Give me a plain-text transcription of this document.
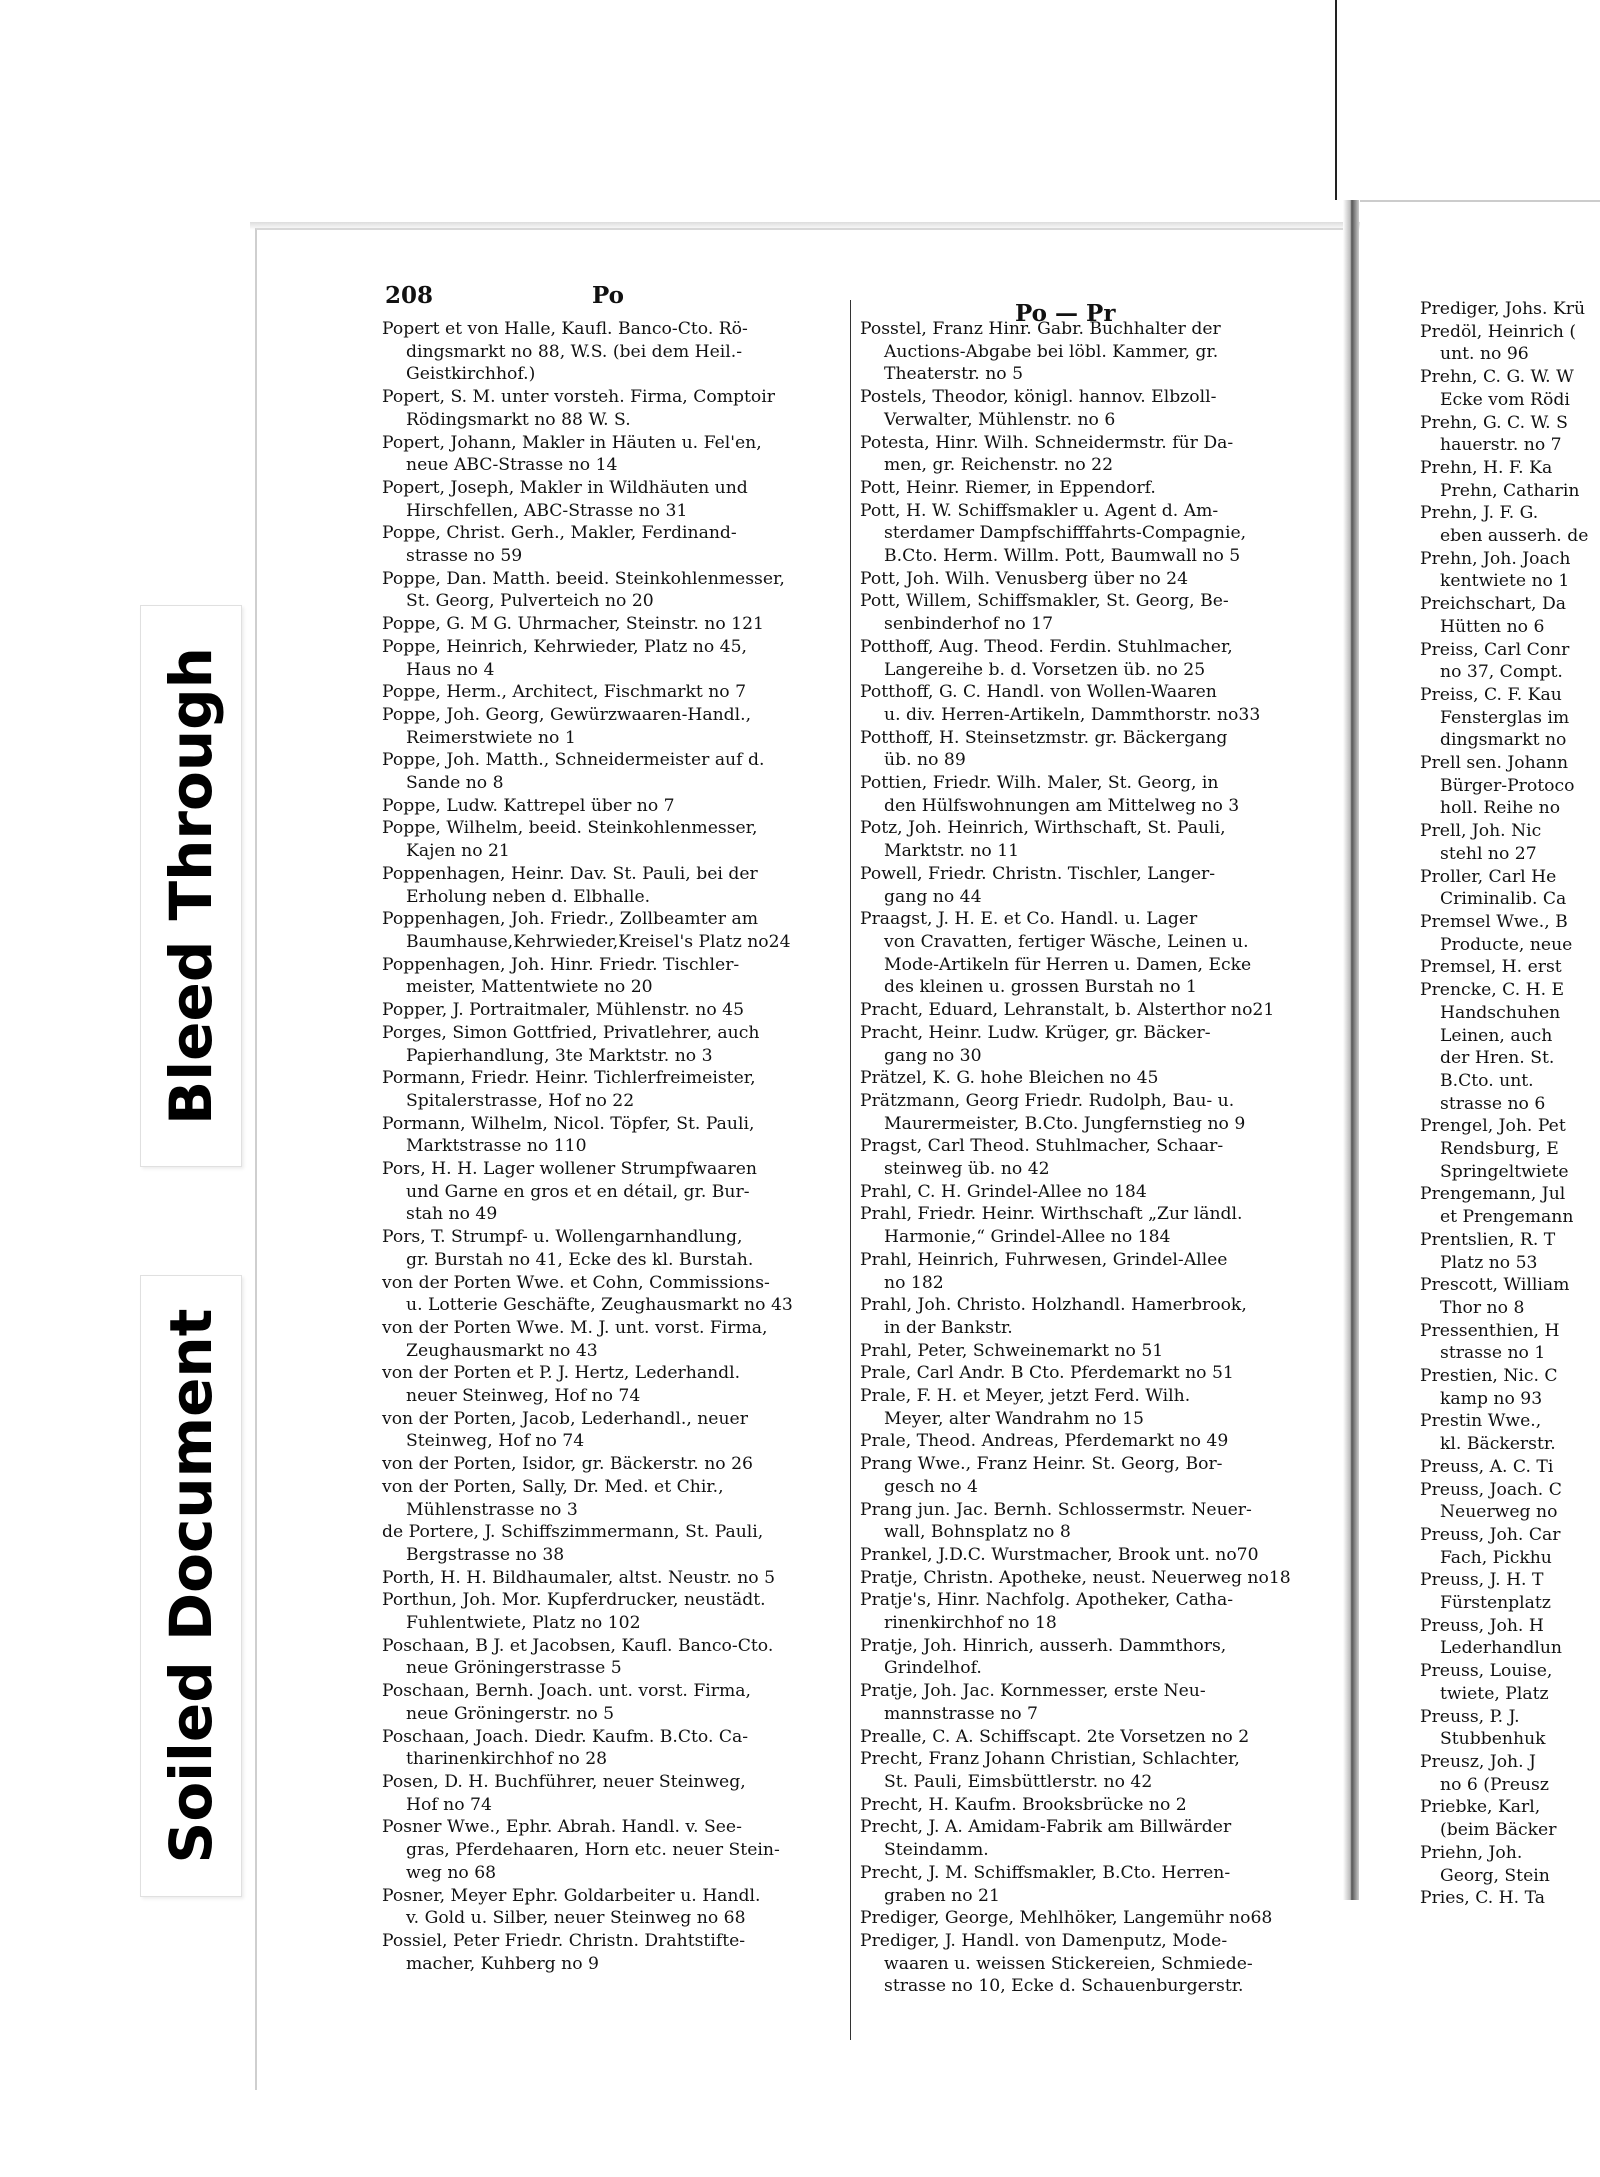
Bleed Through
Soiled Document
208	Po
Po — Pr
Popert et von Halle, Kaufl. Banco-Cto. Rö-
dingsmarkt no 88, W.S. (bei dem Heil.-
Geistkirchhof.)
Popert, S. M. unter vorsteh. Firma, Comptoir
Rödingsmarkt no 88 W. S.
Popert, Johann, Makler in Häuten u. Fel'en,
neue ABC-Strasse no 14
Popert, Joseph, Makler in Wildhäuten und
Hirschfellen, ABC-Strasse no 31
Poppe, Christ. Gerh., Makler, Ferdinand-
strasse no 59
Poppe, Dan. Matth. beeid. Steinkohlenmesser,
St. Georg, Pulverteich no 20
Poppe, G. M G. Uhrmacher, Steinstr. no 121
Poppe, Heinrich, Kehrwieder, Platz no 45,
Haus no 4
Poppe, Herm., Architect, Fischmarkt no 7
Poppe, Joh. Georg, Gewürzwaaren-Handl.,
Reimerstwiete no 1
Poppe, Joh. Matth., Schneidermeister auf d.
Sande no 8
Poppe, Ludw. Kattrepel über no 7
Poppe, Wilhelm, beeid. Steinkohlenmesser,
Kajen no 21
Poppenhagen, Heinr. Dav. St. Pauli, bei der
Erholung neben d. Elbhalle.
Poppenhagen, Joh. Friedr., Zollbeamter am
Baumhause,Kehrwieder,Kreisel's Platz no24
Poppenhagen, Joh. Hinr. Friedr. Tischler-
meister, Mattentwiete no 20
Popper, J. Portraitmaler, Mühlenstr. no 45
Porges, Simon Gottfried, Privatlehrer, auch
Papierhandlung, 3te Marktstr. no 3
Pormann, Friedr. Heinr. Tichlerfreimeister,
Spitalerstrasse, Hof no 22
Pormann, Wilhelm, Nicol. Töpfer, St. Pauli,
Marktstrasse no 110
Pors, H. H. Lager wollener Strumpfwaaren
und Garne en gros et en détail, gr. Bur-
stah no 49
Pors, T. Strumpf- u. Wollengarnhandlung,
gr. Burstah no 41, Ecke des kl. Burstah.
von der Porten Wwe. et Cohn, Commissions-
u. Lotterie Geschäfte, Zeughausmarkt no 43
von der Porten Wwe. M. J. unt. vorst. Firma,
Zeughausmarkt no 43
von der Porten et P. J. Hertz, Lederhandl.
neuer Steinweg, Hof no 74
von der Porten, Jacob, Lederhandl., neuer
Steinweg, Hof no 74
von der Porten, Isidor, gr. Bäckerstr. no 26
von der Porten, Sally, Dr. Med. et Chir.,
Mühlenstrasse no 3
de Portere, J. Schiffszimmermann, St. Pauli,
Bergstrasse no 38
Porth, H. H. Bildhaumaler, altst. Neustr. no 5
Porthun, Joh. Mor. Kupferdrucker, neustädt.
Fuhlentwiete, Platz no 102
Poschaan, B J. et Jacobsen, Kaufl. Banco-Cto.
neue Gröningerstrasse 5
Poschaan, Bernh. Joach. unt. vorst. Firma,
neue Gröningerstr. no 5
Poschaan, Joach. Diedr. Kaufm. B.Cto. Ca-
tharinenkirchhof no 28
Posen, D. H. Buchführer, neuer Steinweg,
Hof no 74
Posner Wwe., Ephr. Abrah. Handl. v. See-
gras, Pferdehaaren, Horn etc. neuer Stein-
weg no 68
Posner, Meyer Ephr. Goldarbeiter u. Handl.
v. Gold u. Silber, neuer Steinweg no 68
Possiel, Peter Friedr. Christn. Drahtstifte-
macher, Kuhberg no 9
Posstel, Franz Hinr. Gabr. Buchhalter der
Auctions-Abgabe bei löbl. Kammer, gr.
Theaterstr. no 5
Postels, Theodor, königl. hannov. Elbzoll-
Verwalter, Mühlenstr. no 6
Potesta, Hinr. Wilh. Schneidermstr. für Da-
men, gr. Reichenstr. no 22
Pott, Heinr. Riemer, in Eppendorf.
Pott, H. W. Schiffsmakler u. Agent d. Am-
sterdamer Dampfschifffahrts-Compagnie,
B.Cto. Herm. Willm. Pott, Baumwall no 5
Pott, Joh. Wilh. Venusberg über no 24
Pott, Willem, Schiffsmakler, St. Georg, Be-
senbinderhof no 17
Potthoff, Aug. Theod. Ferdin. Stuhlmacher,
Langereihe b. d. Vorsetzen üb. no 25
Potthoff, G. C. Handl. von Wollen-Waaren
u. div. Herren-Artikeln, Dammthorstr. no33
Potthoff, H. Steinsetzmstr. gr. Bäckergang
üb. no 89
Pottien, Friedr. Wilh. Maler, St. Georg, in
den Hülfswohnungen am Mittelweg no 3
Potz, Joh. Heinrich, Wirthschaft, St. Pauli,
Marktstr. no 11
Powell, Friedr. Christn. Tischler, Langer-
gang no 44
Praagst, J. H. E. et Co. Handl. u. Lager
von Cravatten, fertiger Wäsche, Leinen u.
Mode-Artikeln für Herren u. Damen, Ecke
des kleinen u. grossen Burstah no 1
Pracht, Eduard, Lehranstalt, b. Alsterthor no21
Pracht, Heinr. Ludw. Krüger, gr. Bäcker-
gang no 30
Prätzel, K. G. hohe Bleichen no 45
Prätzmann, Georg Friedr. Rudolph, Bau- u.
Maurermeister, B.Cto. Jungfernstieg no 9
Pragst, Carl Theod. Stuhlmacher, Schaar-
steinweg üb. no 42
Prahl, C. H. Grindel-Allee no 184
Prahl, Friedr. Heinr. Wirthschaft „Zur ländl.
Harmonie,“ Grindel-Allee no 184
Prahl, Heinrich, Fuhrwesen, Grindel-Allee
no 182
Prahl, Joh. Christo. Holzhandl. Hamerbrook,
in der Bankstr.
Prahl, Peter, Schweinemarkt no 51
Prale, Carl Andr. B Cto. Pferdemarkt no 51
Prale, F. H. et Meyer, jetzt Ferd. Wilh.
Meyer, alter Wandrahm no 15
Prale, Theod. Andreas, Pferdemarkt no 49
Prang Wwe., Franz Heinr. St. Georg, Bor-
gesch no 4
Prang jun. Jac. Bernh. Schlossermstr. Neuer-
wall, Bohnsplatz no 8
Prankel, J.D.C. Wurstmacher, Brook unt. no70
Pratje, Christn. Apotheke, neust. Neuerweg no18
Pratje's, Hinr. Nachfolg. Apotheker, Catha-
rinenkirchhof no 18
Pratje, Joh. Hinrich, ausserh. Dammthors,
Grindelhof.
Pratje, Joh. Jac. Kornmesser, erste Neu-
mannstrasse no 7
Prealle, C. A. Schiffscapt. 2te Vorsetzen no 2
Precht, Franz Johann Christian, Schlachter,
St. Pauli, Eimsbüttlerstr. no 42
Precht, H. Kaufm. Brooksbrücke no 2
Precht, J. A. Amidam-Fabrik am Billwärder
Steindamm.
Precht, J. M. Schiffsmakler, B.Cto. Herren-
graben no 21
Prediger, George, Mehlhöker, Langemühr no68
Prediger, J. Handl. von Damenputz, Mode-
waaren u. weissen Stickereien, Schmiede-
strasse no 10, Ecke d. Schauenburgerstr.
Prediger, Johs. Krü
Predöl, Heinrich (
unt. no 96
Prehn, C. G. W. W
Ecke vom Rödi
Prehn, G. C. W. S
hauerstr. no 7
Prehn, H. F. Ka
Prehn, Catharin
Prehn, J. F. G.
eben ausserh. de
Prehn, Joh. Joach
kentwiete no 1
Preichschart, Da
Hütten no 6
Preiss, Carl Conr
no 37, Compt.
Preiss, C. F. Kau
Fensterglas im
dingsmarkt no
Prell sen. Johann
Bürger-Protoco
holl. Reihe no
Prell, Joh. Nic
stehl no 27
Proller, Carl He
Criminalib. Ca
Premsel Wwe., B
Producte, neue
Premsel, H. erst
Prencke, C. H. E
Handschuhen
Leinen, auch
der Hren. St.
B.Cto. unt.
strasse no 6
Prengel, Joh. Pet
Rendsburg, E
Springeltwiete
Prengemann, Jul
et Prengemann
Prentslien, R. T
Platz no 53
Prescott, William
Thor no 8
Pressenthien, H
strasse no 1
Prestien, Nic. C
kamp no 93
Prestin Wwe.,
kl. Bäckerstr.
Preuss, A. C. Ti
Preuss, Joach. C
Neuerweg no
Preuss, Joh. Car
Fach, Pickhu
Preuss, J. H. T
Fürstenplatz
Preuss, Joh. H
Lederhandlun
Preuss, Louise,
twiete, Platz
Preuss, P. J.
Stubbenhuk
Preusz, Joh. J
no 6 (Preusz
Priebke, Karl,
(beim Bäcker
Priehn, Joh.
Georg, Stein
Pries, C. H. Ta
